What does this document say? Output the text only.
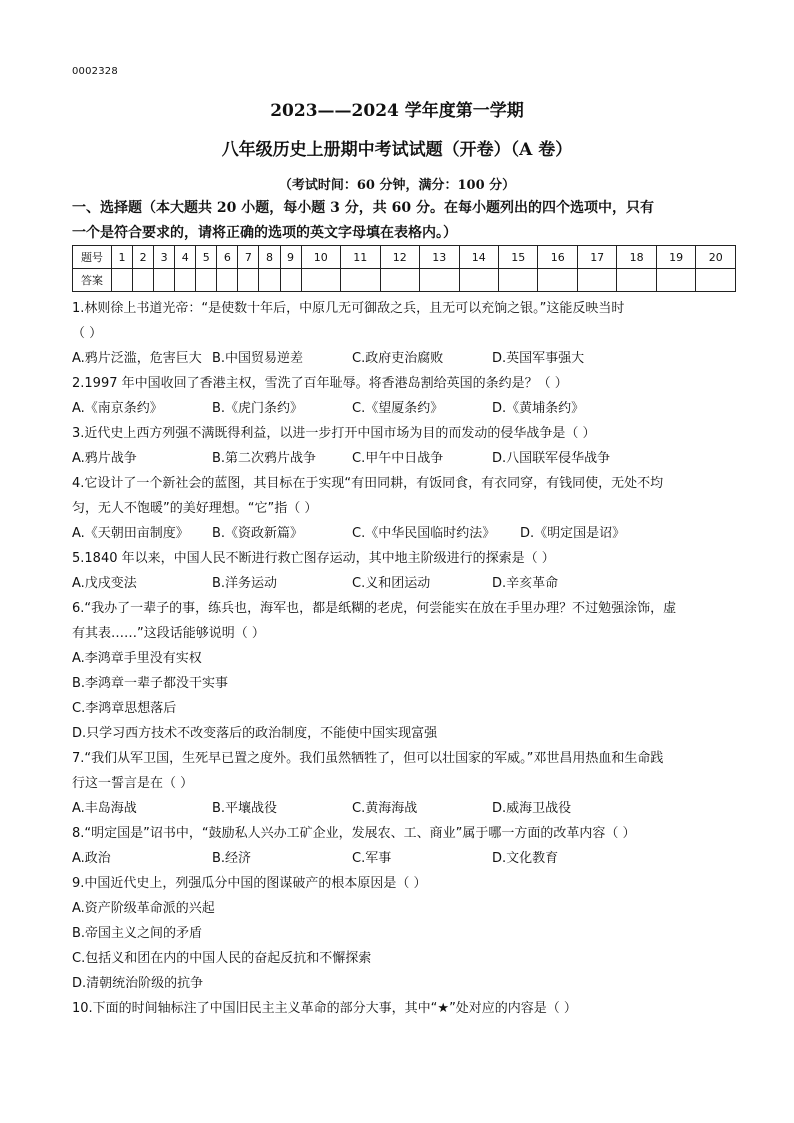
0002328
2023——2024 学年度第一学期
八年级历史上册期中考试试题（开卷）（A 卷）
（考试时间：60 分钟，满分：100 分）
一、选择题（本大题共 20 小题，每小题 3 分，共 60 分。在每小题列出的四个选项中，只有
一个是符合要求的，请将正确的选项的英文字母填在表格内。）
题号	1	2	3	4	5	6	7	8	9	10	11	12	13	14	15	16	17	18	19	20
答案																				
1.林则徐上书道光帝：“是使数十年后，中原几无可御敌之兵，且无可以充饷之银。”这能反映当时
（ ）
A.鸦片泛滥，危害巨大 B.中国贸易逆差	C.政府吏治腐败	D.英国军事强大
2.1997 年中国收回了香港主权，雪洗了百年耻辱。将香港岛割给英国的条约是？（ ）
A.《南京条约》	B.《虎门条约》	C.《望厦条约》	D.《黄埔条约》
3.近代史上西方列强不满既得利益，以进一步打开中国市场为目的而发动的侵华战争是（ ）
A.鸦片战争	B.第二次鸦片战争	C.甲午中日战争	D.八国联军侵华战争
4.它设计了一个新社会的蓝图，其目标在于实现“有田同耕，有饭同食，有衣同穿，有钱同使，无处不均
匀，无人不饱暖”的美好理想。“它”指（ ）
A.《天朝田亩制度》 B.《资政新篇》	C.《中华民国临时约法》 D.《明定国是诏》
5.1840 年以来，中国人民不断进行救亡图存运动，其中地主阶级进行的探索是（ ）
A.戊戌变法	B.洋务运动	C.义和团运动	D.辛亥革命
6.“我办了一辈子的事，练兵也，海军也，都是纸糊的老虎，何尝能实在放在手里办理？不过勉强涂饰，虚
有其表……”这段话能够说明（ ）
A.李鸿章手里没有实权
B.李鸿章一辈子都没干实事
C.李鸿章思想落后
D.只学习西方技术不改变落后的政治制度，不能使中国实现富强
7.“我们从军卫国，生死早已置之度外。我们虽然牺牲了，但可以壮国家的军威。”邓世昌用热血和生命践
行这一誓言是在（ ）
A.丰岛海战	B.平壤战役	C.黄海海战	D.威海卫战役
8.“明定国是”诏书中，“鼓励私人兴办工矿企业，发展农、工、商业”属于哪一方面的改革内容（ ）
A.政治	B.经济	C.军事	D.文化教育
9.中国近代史上，列强瓜分中国的图谋破产的根本原因是（ ）
A.资产阶级革命派的兴起
B.帝国主义之间的矛盾
C.包括义和团在内的中国人民的奋起反抗和不懈探索
D.清朝统治阶级的抗争
10.下面的时间轴标注了中国旧民主主义革命的部分大事，其中“★”处对应的内容是（ ）
